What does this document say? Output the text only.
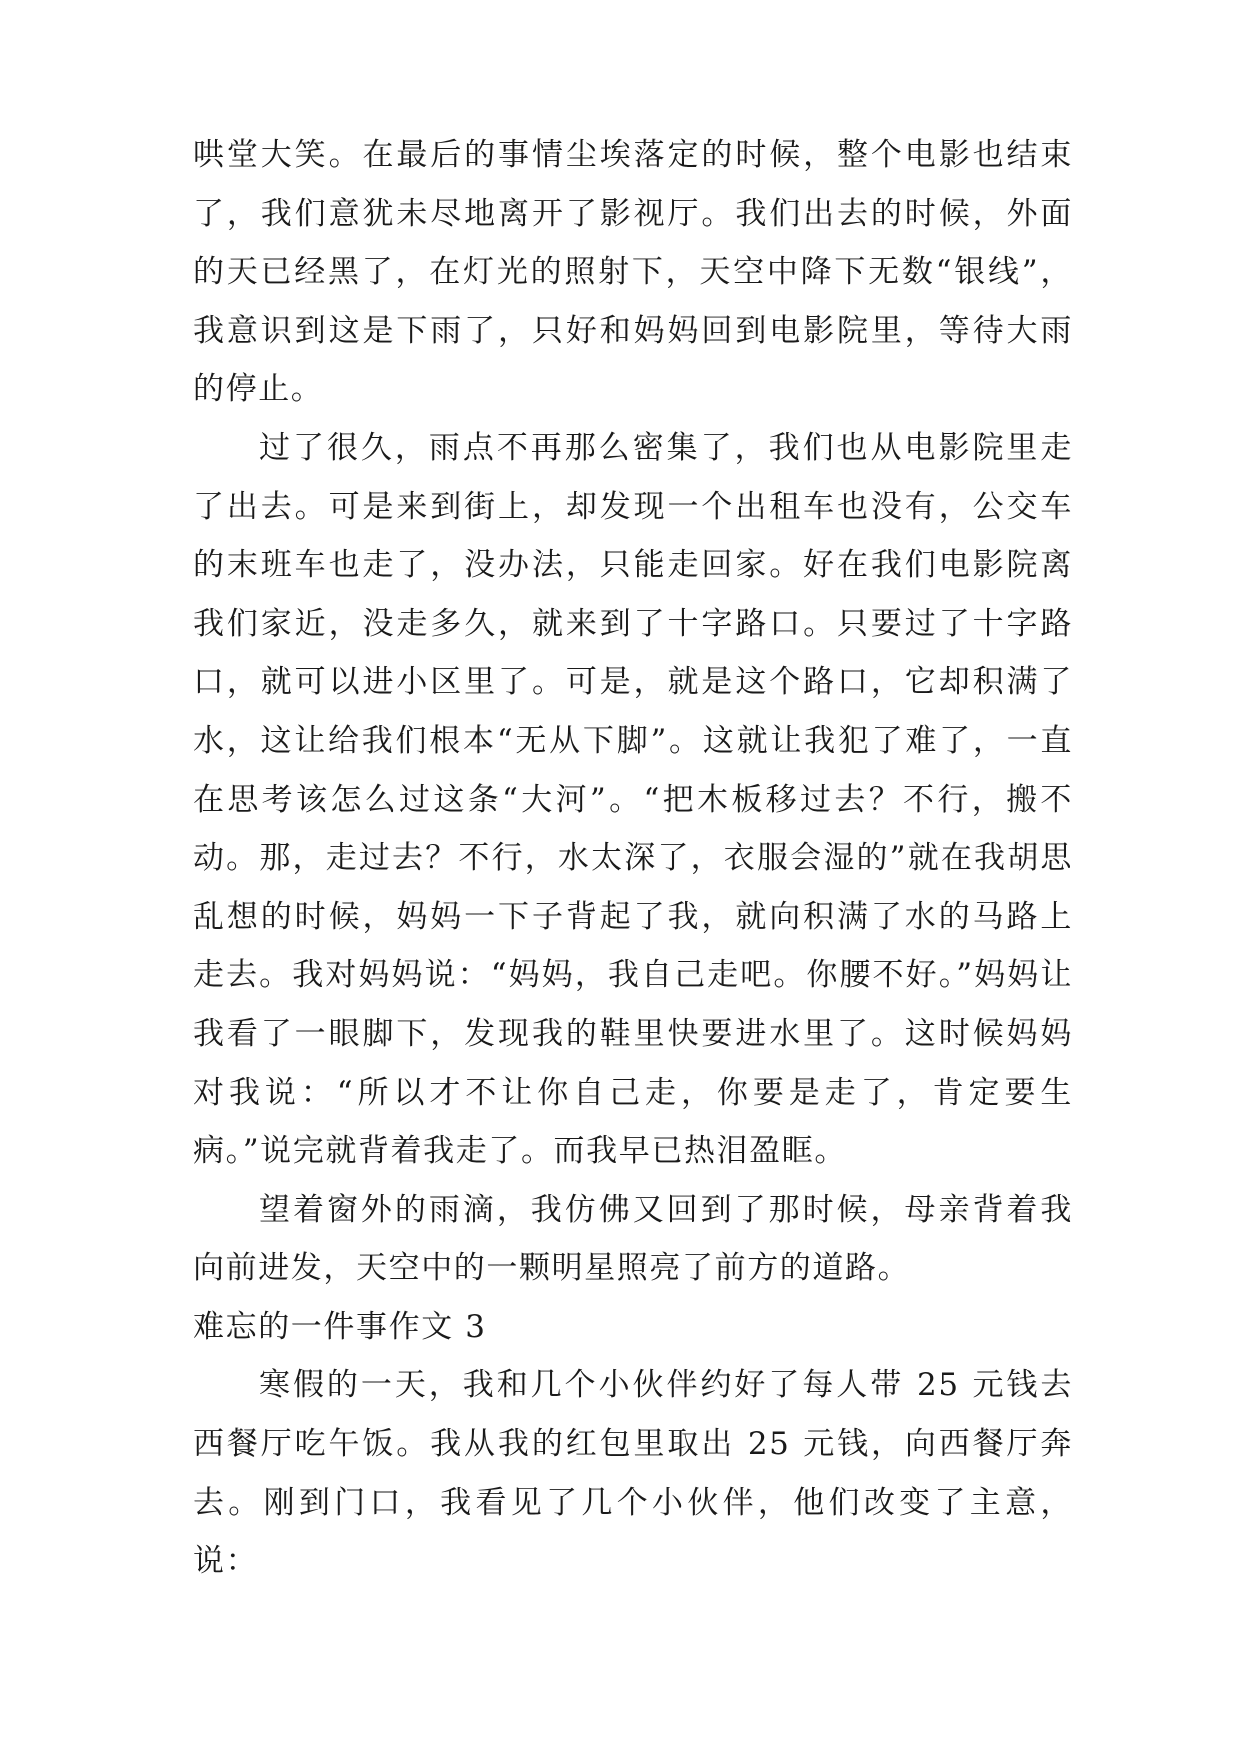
哄堂大笑。在最后的事情尘埃落定的时候，整个电影也结束了，我们意犹未尽地离开了影视厅。我们出去的时候，外面的天已经黑了，在灯光的照射下，天空中降下无数“银线”，我意识到这是下雨了，只好和妈妈回到电影院里，等待大雨的停止。

过了很久，雨点不再那么密集了，我们也从电影院里走了出去。可是来到街上，却发现一个出租车也没有，公交车的末班车也走了，没办法，只能走回家。好在我们电影院离我们家近，没走多久，就来到了十字路口。只要过了十字路口，就可以进小区里了。可是，就是这个路口，它却积满了水，这让给我们根本“无从下脚”。这就让我犯了难了，一直在思考该怎么过这条“大河”。“把木板移过去？不行，搬不动。那，走过去？不行，水太深了，衣服会湿的”就在我胡思乱想的时候，妈妈一下子背起了我，就向积满了水的马路上走去。我对妈妈说：“妈妈，我自己走吧。你腰不好。”妈妈让我看了一眼脚下，发现我的鞋里快要进水里了。这时候妈妈对我说：“所以才不让你自己走，你要是走了，肯定要生病。”说完就背着我走了。而我早已热泪盈眶。

望着窗外的雨滴，我仿佛又回到了那时候，母亲背着我向前进发，天空中的一颗明星照亮了前方的道路。

难忘的一件事作文 3

寒假的一天，我和几个小伙伴约好了每人带 25 元钱去西餐厅吃午饭。我从我的红包里取出 25 元钱，向西餐厅奔去。刚到门口，我看见了几个小伙伴，他们改变了主意，说：
